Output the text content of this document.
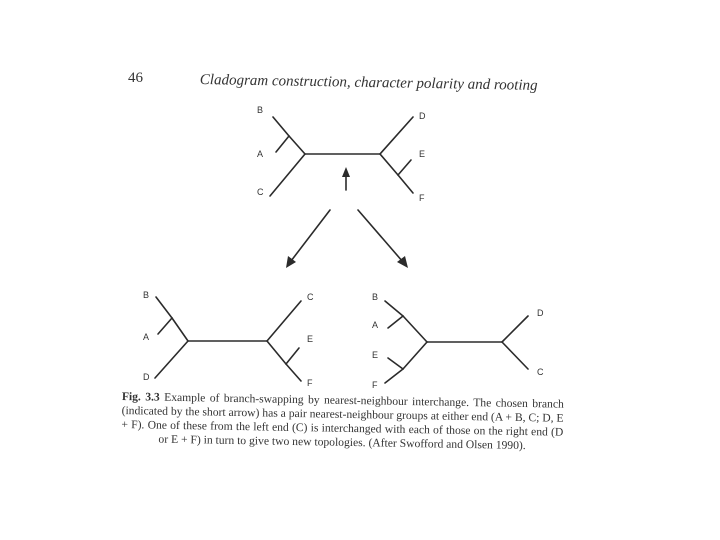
46	Cladogram construction, character polarity and rooting
B
A
C
D
E
F
B
A
D
C
E
F
B
A
E
F
D
C
Fig. 3.3 Example of branch-swapping by nearest-neighbour interchange. The chosen branch (indicated by the short arrow) has a pair nearest-neighbour groups at either end (A + B, C; D, E + F). One of these from the left end (C) is interchanged with each of those on the right end (D or E + F) in turn to give two new topologies. (After Swofford and Olsen 1990).
